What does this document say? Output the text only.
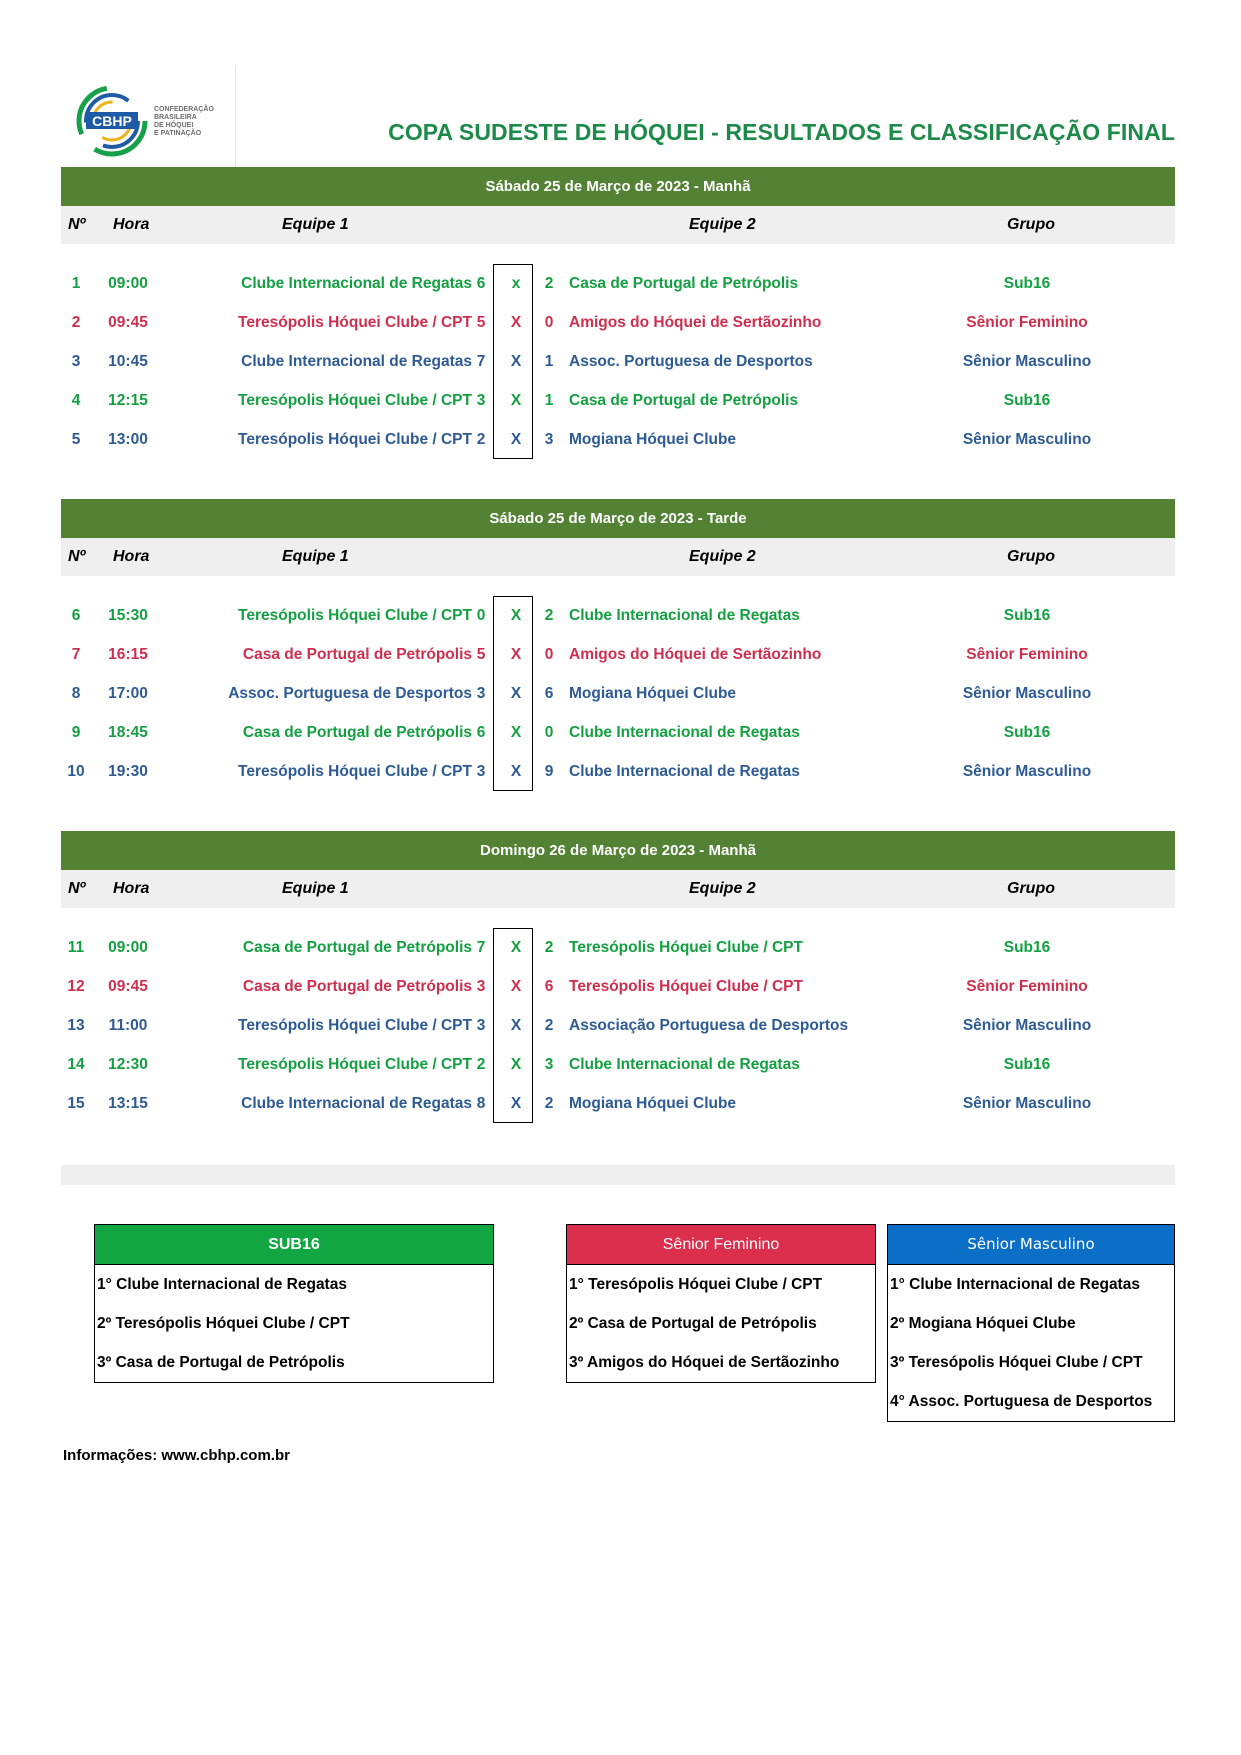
CBHP
CONFEDERAÇÃO
BRASILEIRA
DE HÓQUEI
E PATINAÇÃO	COPA SUDESTE DE HÓQUEI - RESULTADOS E CLASSIFICAÇÃO FINAL
Sábado 25 de Março de 2023 - Manhã
Nº Hora	Equipe 1	Equipe 2	Grupo
1	09:00	Clube Internacional de Regatas 6	x	2 Casa de Portugal de Petrópolis	Sub16
2	09:45	Teresópolis Hóquei Clube / CPT 5	X	0 Amigos do Hóquei de Sertãozinho	Sênior Feminino
3	10:45	Clube Internacional de Regatas 7	X	1 Assoc. Portuguesa de Desportos	Sênior Masculino
4	12:15	Teresópolis Hóquei Clube / CPT 3	X	1 Casa de Portugal de Petrópolis	Sub16
5	13:00	Teresópolis Hóquei Clube / CPT 2	X	3 Mogiana Hóquei Clube	Sênior Masculino
Sábado 25 de Março de 2023 - Tarde
Nº Hora	Equipe 1	Equipe 2	Grupo
6	15:30	Teresópolis Hóquei Clube / CPT 0	X	2 Clube Internacional de Regatas	Sub16
7	16:15	Casa de Portugal de Petrópolis 5	X	0 Amigos do Hóquei de Sertãozinho	Sênior Feminino
8	17:00	Assoc. Portuguesa de Desportos 3	X	6 Mogiana Hóquei Clube	Sênior Masculino
9	18:45	Casa de Portugal de Petrópolis 6	X	0 Clube Internacional de Regatas	Sub16
10	19:30	Teresópolis Hóquei Clube / CPT 3	X	9 Clube Internacional de Regatas	Sênior Masculino
Domingo 26 de Março de 2023 - Manhã
Nº Hora	Equipe 1	Equipe 2	Grupo
11	09:00	Casa de Portugal de Petrópolis 7	X	2 Teresópolis Hóquei Clube / CPT	Sub16
12	09:45	Casa de Portugal de Petrópolis 3	X	6 Teresópolis Hóquei Clube / CPT	Sênior Feminino
13	11:00	Teresópolis Hóquei Clube / CPT 3	X	2 Associação Portuguesa de Desportos	Sênior Masculino
14	12:30	Teresópolis Hóquei Clube / CPT 2	X	3 Clube Internacional de Regatas	Sub16
15	13:15	Clube Internacional de Regatas 8	X	2 Mogiana Hóquei Clube	Sênior Masculino
SUB16
1° Clube Internacional de Regatas
2º Teresópolis Hóquei Clube / CPT
3º Casa de Portugal de Petrópolis
Sênior Feminino
1° Teresópolis Hóquei Clube / CPT
2º Casa de Portugal de Petrópolis
3º Amigos do Hóquei de Sertãozinho
Sênior Masculino
1° Clube Internacional de Regatas
2º Mogiana Hóquei Clube
3º Teresópolis Hóquei Clube / CPT
4° Assoc. Portuguesa de Desportos
Informações: www.cbhp.com.br
